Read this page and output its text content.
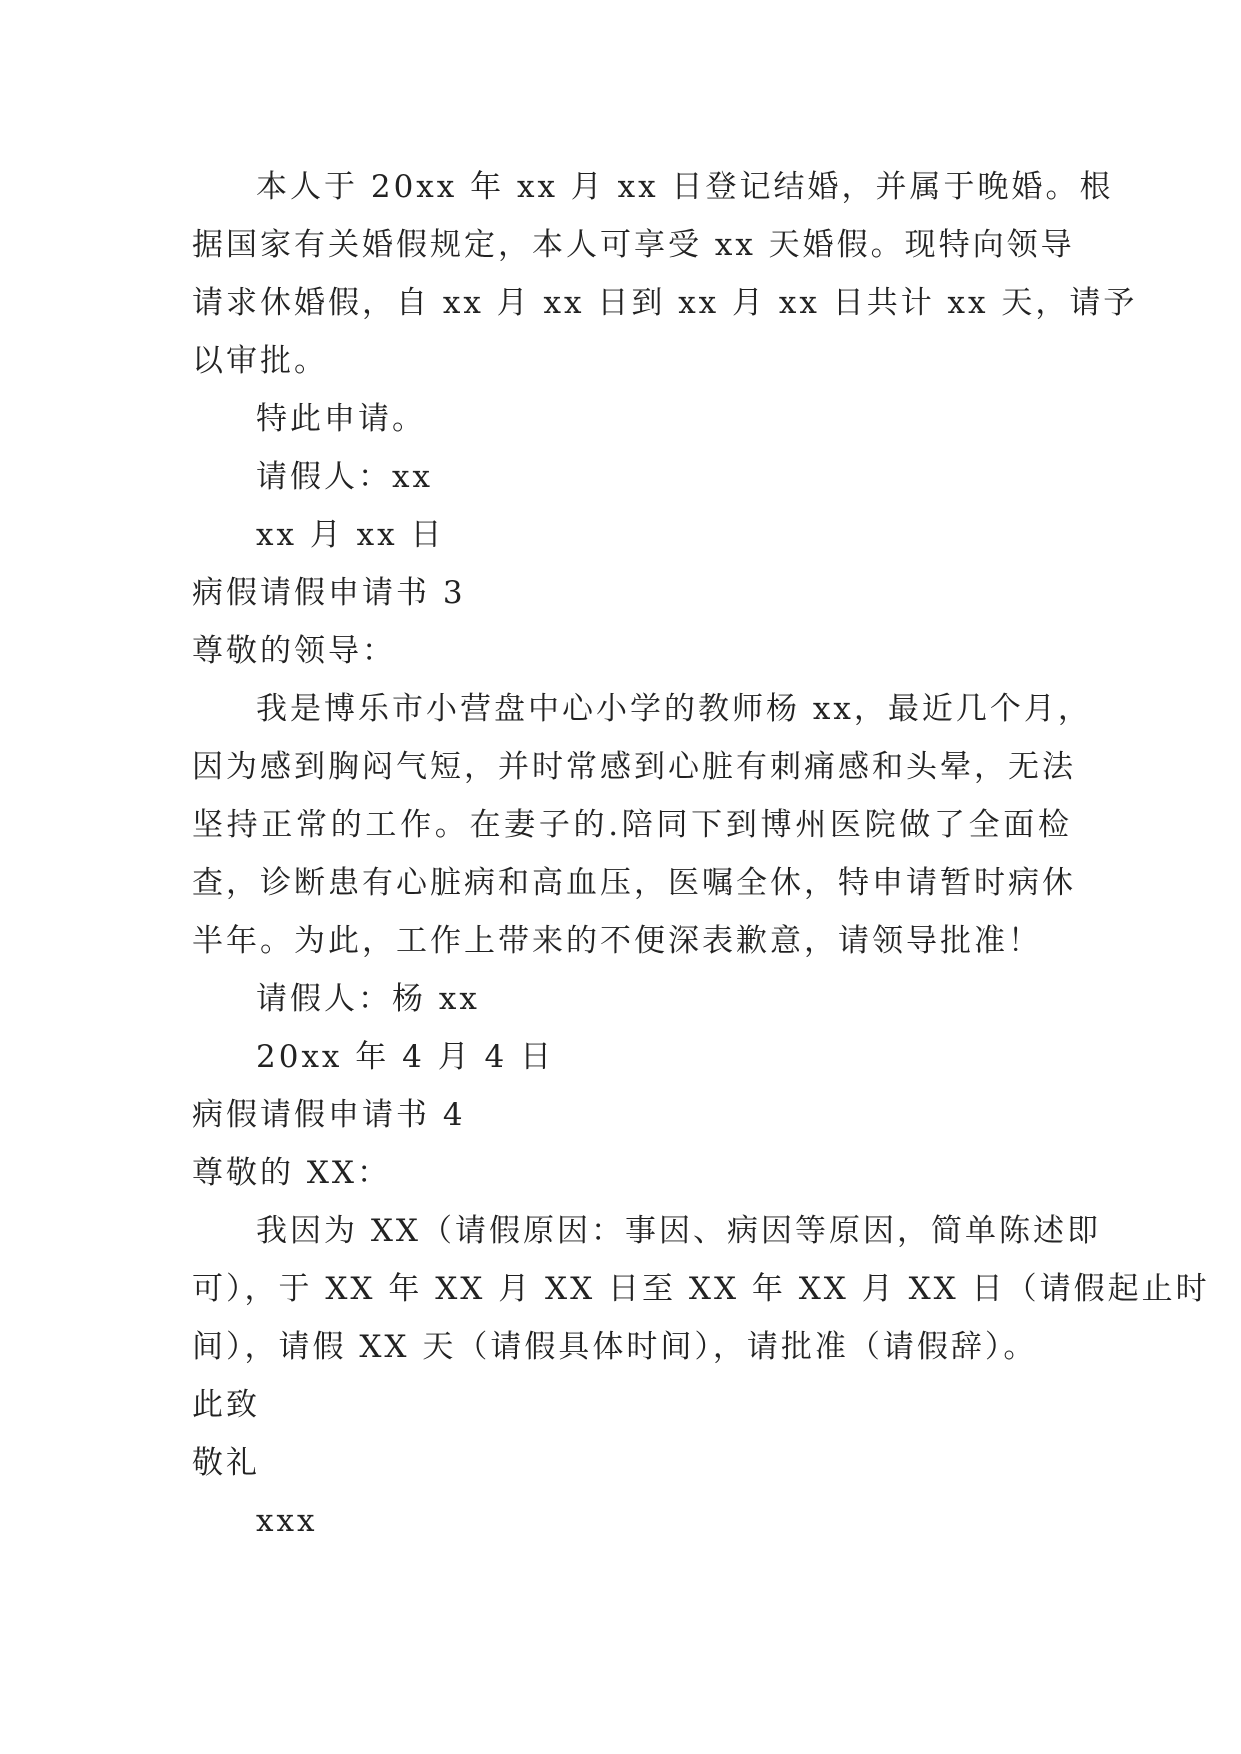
本人于 20xx 年 xx 月 xx 日登记结婚，并属于晚婚。根

据国家有关婚假规定，本人可享受 xx 天婚假。现特向领导

请求休婚假，自 xx 月 xx 日到 xx 月 xx 日共计 xx 天，请予

以审批。

特此申请。

请假人：xx

xx 月 xx 日

病假请假申请书 3

尊敬的领导：

我是博乐市小营盘中心小学的教师杨 xx，最近几个月，

因为感到胸闷气短，并时常感到心脏有刺痛感和头晕，无法

坚持正常的工作。在妻子的.陪同下到博州医院做了全面检

查，诊断患有心脏病和高血压，医嘱全休，特申请暂时病休

半年。为此，工作上带来的不便深表歉意，请领导批准！

请假人：杨 xx

20xx 年 4 月 4 日

病假请假申请书 4

尊敬的 XX：

我因为 XX（请假原因：事因、病因等原因，简单陈述即

可），于 XX 年 XX 月 XX 日至 XX 年 XX 月 XX 日（请假起止时

间），请假 XX 天（请假具体时间），请批准（请假辞）。

此致

敬礼

xxx
